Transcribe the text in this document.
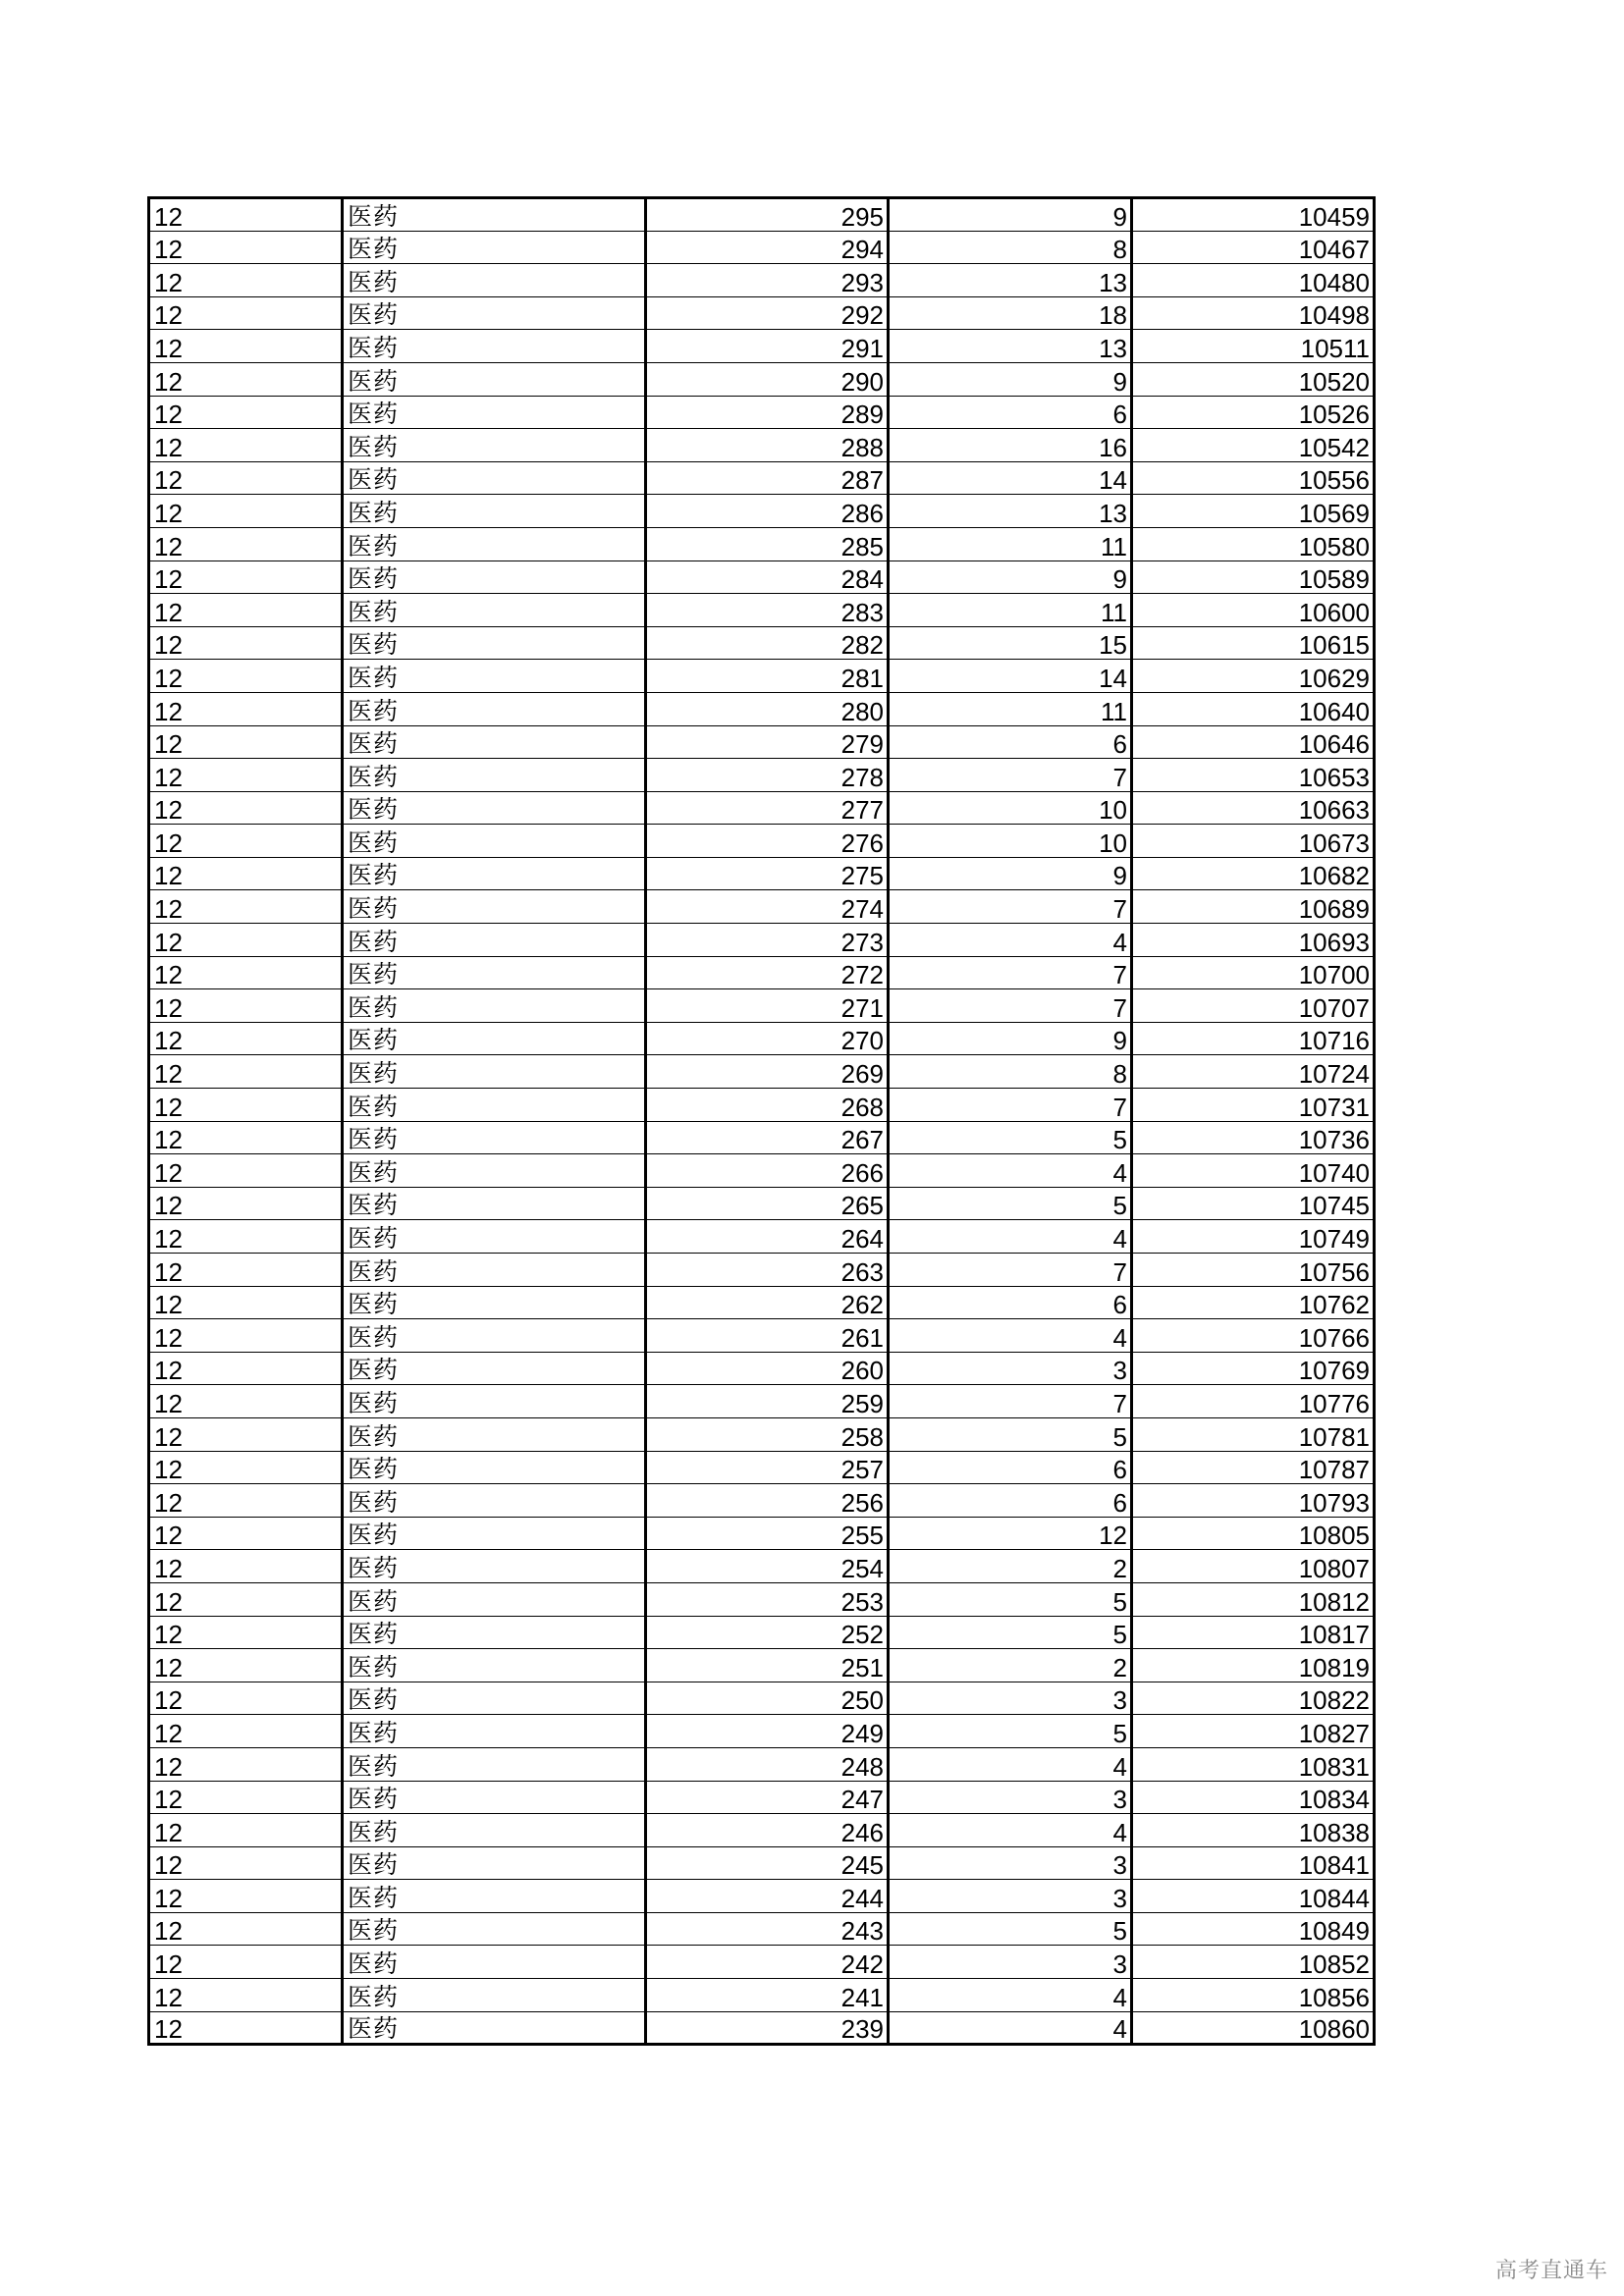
12	医药	295	9	10459
12	医药	294	8	10467
12	医药	293	13	10480
12	医药	292	18	10498
12	医药	291	13	10511
12	医药	290	9	10520
12	医药	289	6	10526
12	医药	288	16	10542
12	医药	287	14	10556
12	医药	286	13	10569
12	医药	285	11	10580
12	医药	284	9	10589
12	医药	283	11	10600
12	医药	282	15	10615
12	医药	281	14	10629
12	医药	280	11	10640
12	医药	279	6	10646
12	医药	278	7	10653
12	医药	277	10	10663
12	医药	276	10	10673
12	医药	275	9	10682
12	医药	274	7	10689
12	医药	273	4	10693
12	医药	272	7	10700
12	医药	271	7	10707
12	医药	270	9	10716
12	医药	269	8	10724
12	医药	268	7	10731
12	医药	267	5	10736
12	医药	266	4	10740
12	医药	265	5	10745
12	医药	264	4	10749
12	医药	263	7	10756
12	医药	262	6	10762
12	医药	261	4	10766
12	医药	260	3	10769
12	医药	259	7	10776
12	医药	258	5	10781
12	医药	257	6	10787
12	医药	256	6	10793
12	医药	255	12	10805
12	医药	254	2	10807
12	医药	253	5	10812
12	医药	252	5	10817
12	医药	251	2	10819
12	医药	250	3	10822
12	医药	249	5	10827
12	医药	248	4	10831
12	医药	247	3	10834
12	医药	246	4	10838
12	医药	245	3	10841
12	医药	244	3	10844
12	医药	243	5	10849
12	医药	242	3	10852
12	医药	241	4	10856
12	医药	239	4	10860
高考直通车
